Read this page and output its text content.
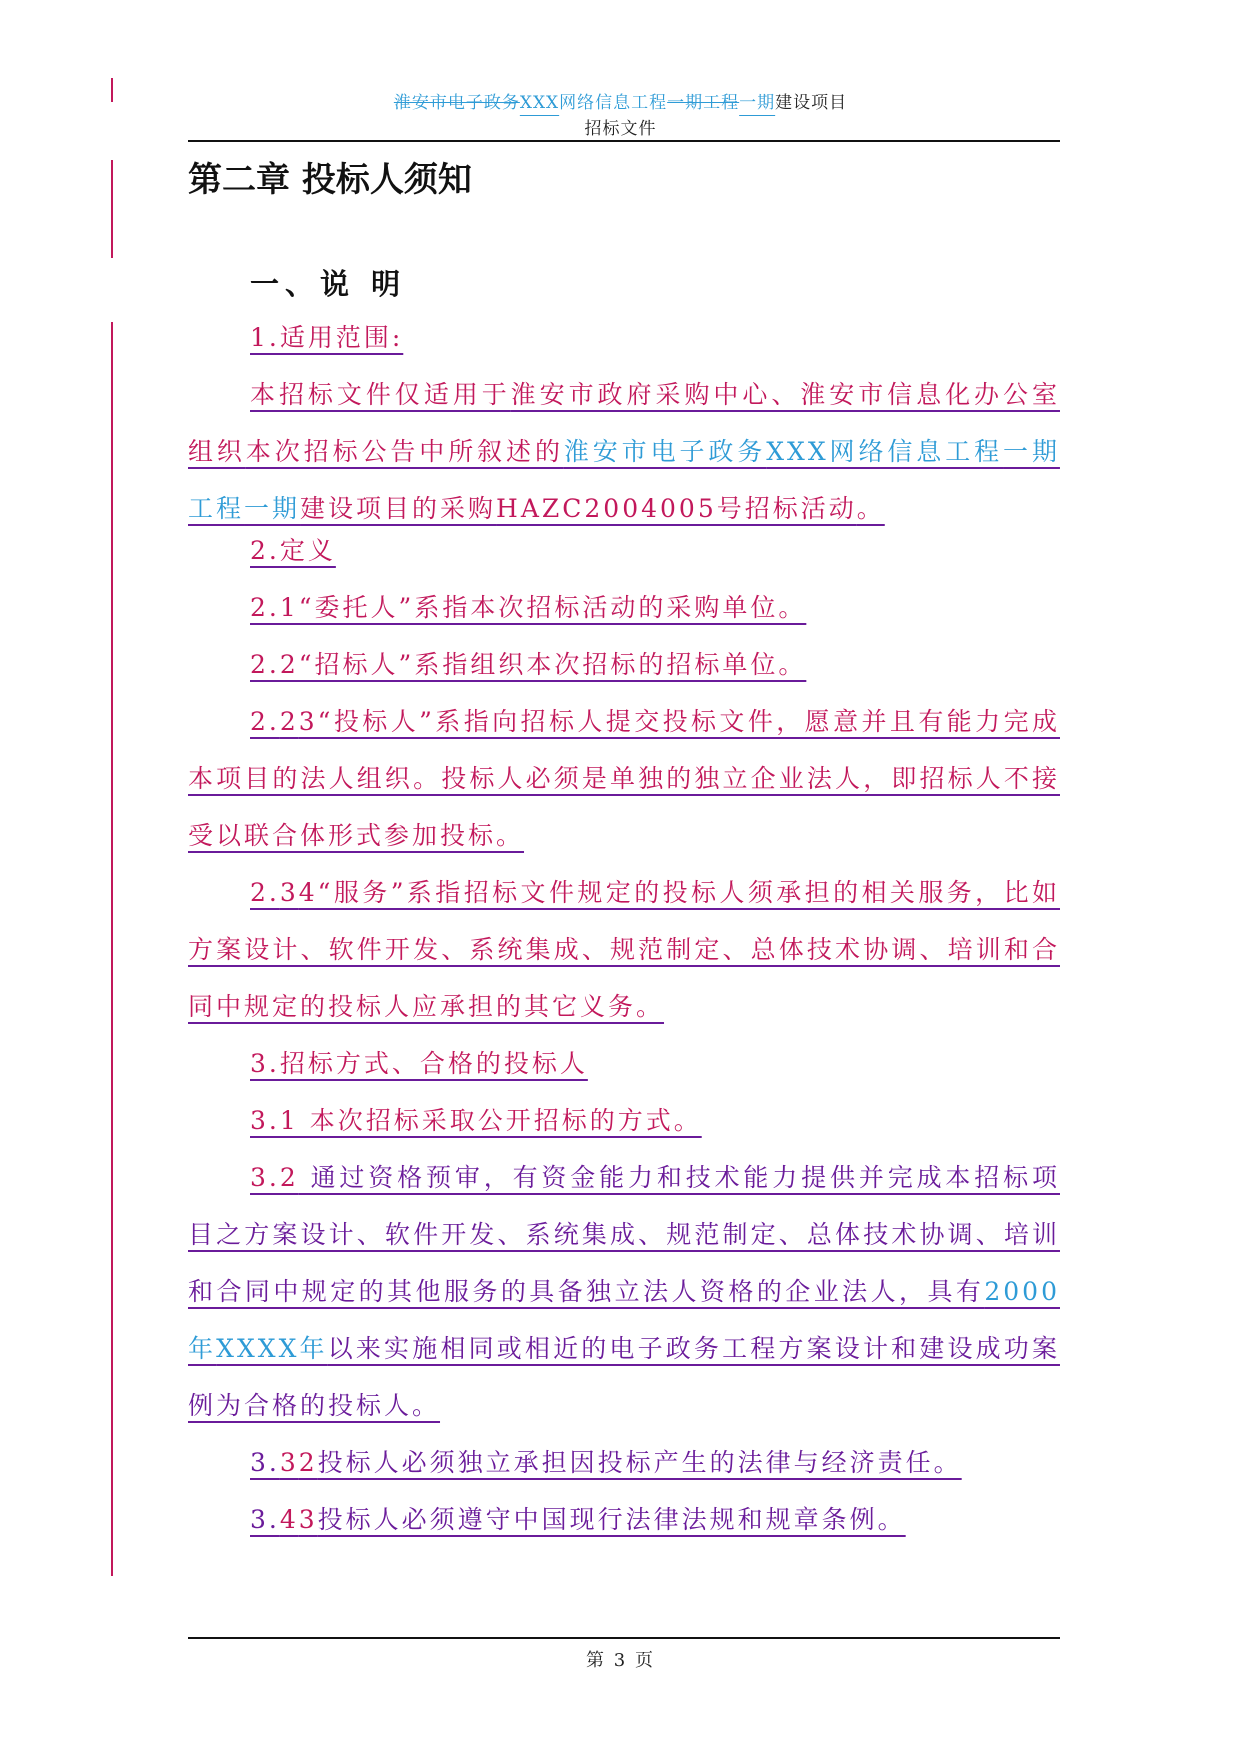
淮安市电子政务XXX网络信息工程一期工程一期建设项目
招标文件
第二章 投标人须知
一、说 明
1.适用范围:
本招标文件仅适用于淮安市政府采购中心、淮安市信息化办公室组织本次招标公告中所叙述的淮安市电子政务XXX网络信息工程一期工程一期建设项目的采购HAZC2004005号招标活动。
2.定义
2.1“委托人”系指本次招标活动的采购单位。
2.2“招标人”系指组织本次招标的招标单位。
2.23“投标人”系指向招标人提交投标文件，愿意并且有能力完成本项目的法人组织。投标人必须是单独的独立企业法人，即招标人不接受以联合体形式参加投标。
2.34“服务”系指招标文件规定的投标人须承担的相关服务，比如方案设计、软件开发、系统集成、规范制定、总体技术协调、培训和合同中规定的投标人应承担的其它义务。
3.招标方式、合格的投标人
3.1 本次招标采取公开招标的方式。
3.2 通过资格预审，有资金能力和技术能力提供并完成本招标项目之方案设计、软件开发、系统集成、规范制定、总体技术协调、培训和合同中规定的其他服务的具备独立法人资格的企业法人，具有2000年XXXX年以来实施相同或相近的电子政务工程方案设计和建设成功案例为合格的投标人。
3.32投标人必须独立承担因投标产生的法律与经济责任。
3.43投标人必须遵守中国现行法律法规和规章条例。
第 3 页
